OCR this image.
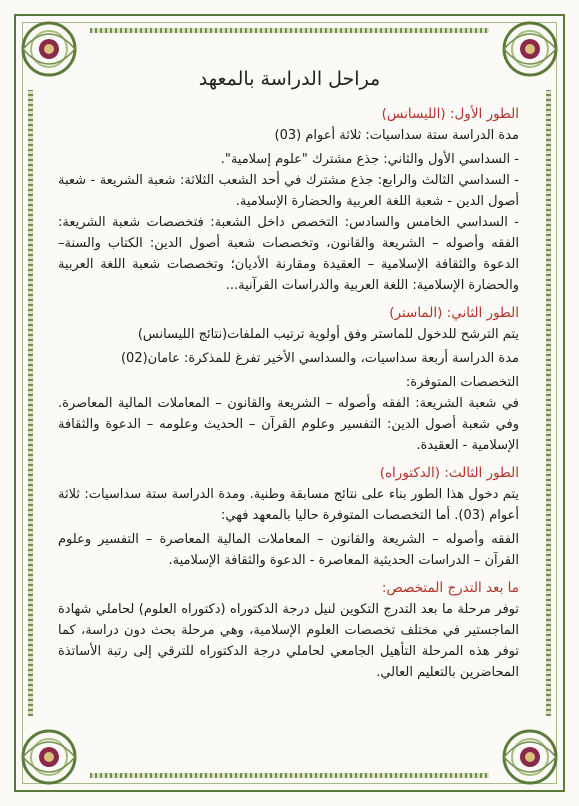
مراحل الدراسة بالمعهد

الطور الأول: (الليسانس)

مدة الدراسة ستة سداسيات: ثلاثة أعوام (03)

- السداسي الأول والثاني: جذع مشترك "علوم إسلامية".

- السداسي الثالث والرابع: جذع مشترك في أحد الشعب الثلاثة: شعبة الشريعة - شعبة أصول الدين - شعبة اللغة العربية والحضارة الإسلامية.

- السداسي الخامس والسادس: التخصص داخل الشعبة: فتخصصات شعبة الشريعة: الفقه وأصوله – الشريعة والقانون، وتخصصات شعبة أصول الدين: الكتاب والسنة– الدعوة والثقافة الإسلامية – العقيدة ومقارنة الأديان؛ وتخصصات شعبة اللغة العربية والحضارة الإسلامية: اللغة العربية والدراسات القرآنية...

الطور الثاني: (الماستر)

يتم الترشح للدخول للماستر وفق أولوية ترتيب الملفات(نتائج الليسانس)

مدة الدراسة أربعة سداسيات، والسداسي الأخير تفرغ للمذكرة: عامان(02)

التخصصات المتوفرة:

في شعبة الشريعة: الفقه وأصوله – الشريعة والقانون – المعاملات المالية المعاصرة. وفي شعبة أصول الدين: التفسير وعلوم القرآن – الحديث وعلومه – الدعوة والثقافة الإسلامية - العقيدة.

الطور الثالث: (الدكتوراه)

يتم دخول هذا الطور بناء على نتائج مسابقة وطنية. ومدة الدراسة ستة سداسيات: ثلاثة أعوام (03). أما التخصصات المتوفرة حاليا بالمعهد فهي:

الفقه وأصوله – الشريعة والقانون – المعاملات المالية المعاصرة – التفسير وعلوم القرآن – الدراسات الحديثية المعاصرة - الدعوة والثقافة الإسلامية.

ما بعد التدرج المتخصص:

توفر مرحلة ما بعد التدرج التكوين لنيل درجة الدكتوراه (دكتوراه العلوم) لحاملي شهادة الماجستير في مختلف تخصصات العلوم الإسلامية، وهي مرحلة بحث دون دراسة، كما توفر هذه المرحلة التأهيل الجامعي لحاملي درجة الدكتوراه للترقي إلى رتبة الأساتذة المحاضرين بالتعليم العالي.
